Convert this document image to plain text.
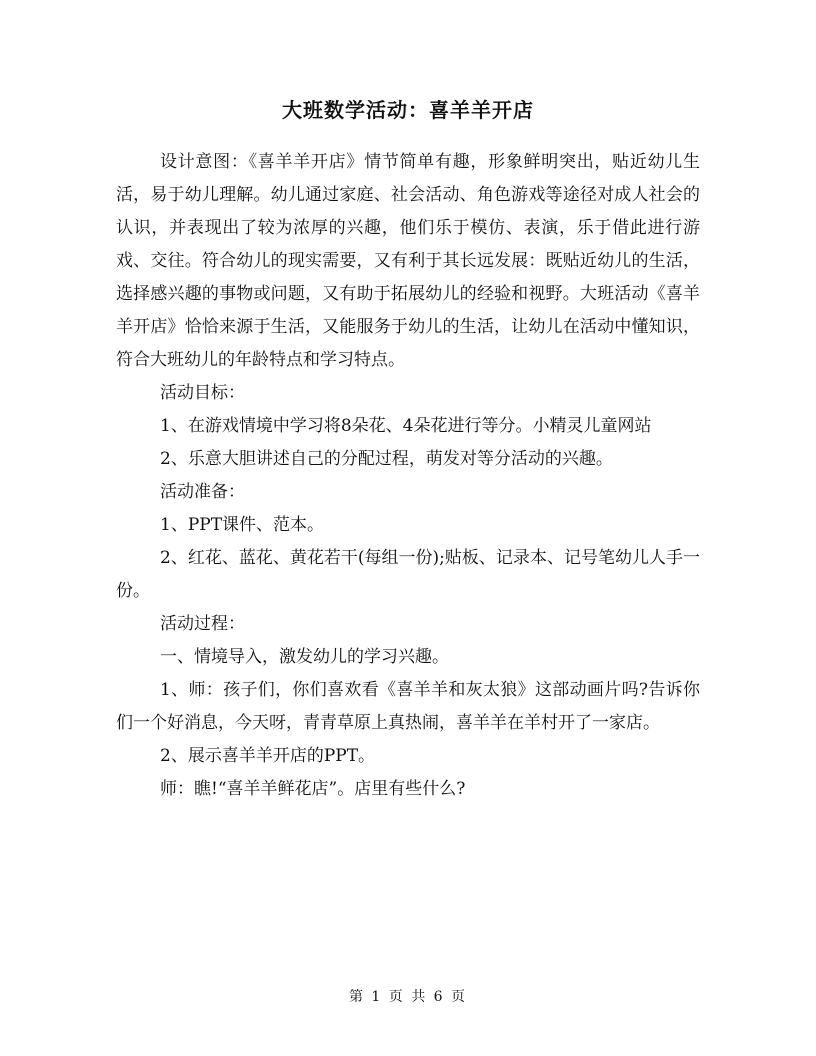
大班数学活动：喜羊羊开店

设计意图：《喜羊羊开店》情节简单有趣，形象鲜明突出，贴近幼儿生活，易于幼儿理解。幼儿通过家庭、社会活动、角色游戏等途径对成人社会的认识，并表现出了较为浓厚的兴趣，他们乐于模仿、表演，乐于借此进行游戏、交往。符合幼儿的现实需要，又有利于其长远发展：既贴近幼儿的生活，选择感兴趣的事物或问题，又有助于拓展幼儿的经验和视野。大班活动《喜羊羊开店》恰恰来源于生活，又能服务于幼儿的生活，让幼儿在活动中懂知识，符合大班幼儿的年龄特点和学习特点。

活动目标：

1、在游戏情境中学习将8朵花、4朵花进行等分。小精灵儿童网站

2、乐意大胆讲述自己的分配过程，萌发对等分活动的兴趣。

活动准备：

1、PPT课件、范本。

2、红花、蓝花、黄花若干(每组一份);贴板、记录本、记号笔幼儿人手一份。

活动过程：

一、情境导入，激发幼儿的学习兴趣。

1、师：孩子们，你们喜欢看《喜羊羊和灰太狼》这部动画片吗?告诉你们一个好消息，今天呀，青青草原上真热闹，喜羊羊在羊村开了一家店。

2、展示喜羊羊开店的PPT。

师：瞧!“喜羊羊鲜花店”。店里有些什么?

第 1 页 共 6 页
